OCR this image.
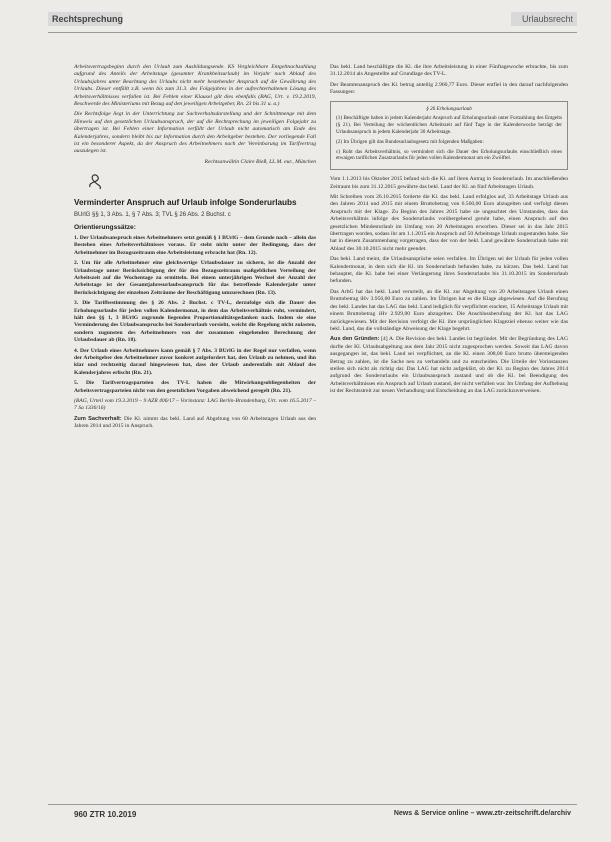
Rechtsprechung	Urlaubsrecht

Arbeitsvertragsbeginn durch den Urlaub zum Ausbildungsende. KS Vergleichbare Entgeltnachzahlung aufgrund des Anteils der Arbeitstage (gesamter Krankheitsurlaub) im Vorjahr nach Ablauf des Urlaubsjahres unter Beachtung des Urlaubs nicht mehr bestehender Anspruch auf die Gewährung des Urlaubs. Dieser entfällt z.B. wenn bis zum 31.3. des Folgejahres in der aufrechterhaltenen Lösung des Arbeitsverhältnisses verfallen ist. Bei Fehlen einer Klausel gilt dies ebenfalls (BAG, Urt. v. 19.2.2019, Beschwerde des Ministeriums mit Bezug auf den jeweiligen Arbeitgeber, Rn. 23 bis 31 u. a.)

Die Rechtsfolge liegt in der Unterrichtung zur Sachverhaltsdarstellung und der Schnittmenge mit dem Hinweis auf den gesetzlichen Urlaubsanspruch, der auf die Rechtsprechung im jeweiligen Folgejahr zu übertragen ist. Bei Fehlen einer Information verfällt der Urlaub nicht automatisch am Ende des Kalenderjahres, sondern bleibt bis zur Information durch den Arbeitgeber bestehen. Der vorliegende Fall ist ein besonderer Aspekt, da der Anspruch des Arbeitnehmers nach der Vereinbarung im Tarifvertrag auszulegen ist.

Rechtsanwältin Claire Bieß, LL.M. eur., München
Verminderter Anspruch auf Urlaub infolge Sonderurlaubs
BUrlG §§ 1, 3 Abs. 1, § 7 Abs. 3; TVL § 26 Abs. 2 Buchst. c
Orientierungssätze:

1. Der Urlaubsanspruch eines Arbeitnehmers setzt gemäß § 1 BUrlG – dem Grunde nach – allein das Bestehen eines Arbeitsverhältnisses voraus. Er steht nicht unter der Bedingung, dass der Arbeitnehmer im Bezugszeitraum eine Arbeitsleistung erbracht hat (Rn. 12).

2. Um für alle Arbeitnehmer eine gleichwertige Urlaubsdauer zu sichern, ist die Anzahl der Urlaubstage unter Berücksichtigung der für den Bezugszeitraum maßgeblichen Verteilung der Arbeitszeit auf die Wochentage zu ermitteln. Bei einem unterjährigen Wechsel der Anzahl der Arbeitstage ist der Gesamtjahresurlaubsanspruch für das betreffende Kalenderjahr unter Berücksichtigung der einzelnen Zeiträume der Beschäftigung umzurechnen (Rn. 13).

3. Die Tarifbestimmung des § 26 Abs. 2 Buchst. c TV-L, derzufolge sich die Dauer des Erholungsurlaubs für jeden vollen Kalendermonat, in dem das Arbeitsverhältnis ruht, vermindert, hält den §§ 1, 3 BUrlG zugrunde liegenden Proportionalitätsgedanken nach. Indem sie eine Verminderung des Urlaubsanspruchs bei Sonderurlaub vorsieht, weicht die Regelung nicht zulasten, sondern zugunsten des Arbeitnehmers von der zusammen eingehenden Berechnung der Urlaubsdauer ab (Rn. 18).

4. Der Urlaub eines Arbeitnehmers kann gemäß § 7 Abs. 3 BUrlG in der Regel nur verfallen, wenn der Arbeitgeber den Arbeitnehmer zuvor konkret aufgefordert hat, den Urlaub zu nehmen, und ihn klar und rechtzeitig darauf hingewiesen hat, dass der Urlaub anderenfalls mit Ablauf des Kalenderjahres erlischt (Rn. 21).

5. Die Tarifvertragsparteien des TV-L haben die Mitwirkungsobliegenheiten der Arbeitsvertragsparteien nicht von den gesetzlichen Vorgaben abweichend geregelt (Rn. 21).

(BAG, Urteil vom 19.3.2019 – 9 AZR 406/17 – Vorinstanz: LAG Berlin-Brandenburg, Urt. vom 16.5.2017 – 7 Sa 1336/16)

Zum Sachverhalt: Die Kl. nimmt das bekl. Land auf Abgeltung von 60 Arbeitstagen Urlaub aus den Jahren 2014 und 2015 in Anspruch.

Das bekl. Land beschäftigte die Kl. die ihre Arbeitsleistung in einer Fünftagewoche erbrachte, bis zum 31.12.2014 als Angestellte auf Grundlage des TV-L.

Der Beamtenanspruch des Kl. betrug anteilig 2.960,77 Euro. Dieser entfiel in den darauf nachfolgenden Fassungen:

§ 26 Erholungsurlaub

(1) Beschäftigte haben in jedem Kalenderjahr Anspruch auf Erholungsurlaub unter Fortzahlung des Entgelts (§ 21). Bei Verteilung der wöchentlichen Arbeitszeit auf fünf Tage in der Kalenderwoche beträgt der Urlaubsanspruch in jedem Kalenderjahr 30 Arbeitstage.

(2) Im Übrigen gilt das Bundesurlaubsgesetz mit folgenden Maßgaben:

c) Ruht das Arbeitsverhältnis, so vermindert sich die Dauer des Erholungsurlaubs einschließlich eines etwaigen tariflichen Zusatzurlaubs für jeden vollen Kalendermonat um ein Zwölftel.

Vom 1.1.2013 bis Oktober 2015 befand sich die Kl. auf ihren Antrag in Sonderurlaub. Im anschließenden Zeitraum bis zum 31.12.2015 gewährte das bekl. Land der Kl. an fünf Arbeitstagen Urlaub.

Mit Schreiben vom 26.10.2015 forderte die Kl. das bekl. Land erfolglos auf, 33 Arbeitstage Urlaub aus den Jahren 2014 und 2015 mit einem Bruttobetrag von 6.560,00 Euro abzugelten und verfolgt diesen Anspruch mit der Klage. Zu Beginn des Jahres 2015 habe sie ungeachtet des Umstandes, dass das Arbeitsverhältnis infolge des Sonderurlaubs vorübergehend geruht habe, einen Anspruch auf den gesetzlichen Mindesturlaub im Umfang von 20 Arbeitstagen erworben. Dieser sei in das Jahr 2015 übertragen worden, sodass ihr am 1.1.2015 ein Anspruch auf 50 Arbeitstage Urlaub zugestanden habe. Sie hat in diesem Zusammenhang vorgetragen, dass der von der bekl. Land gewährte Sonderurlaub habe mit Ablauf des 30.10.2015 nicht mehr geendet.

Das bekl. Land meint, die Urlaubsansprüche seien verfallen. Im Übrigen sei der Urlaub für jeden vollen Kalendermonat, in dem sich die Kl. im Sonderurlaub befunden habe, zu kürzen. Das bekl. Land hat behauptet, die Kl. habe bei einer Verlängerung ihres Sonderurlaubs bis 31.10.2015 im Sonderurlaub befunden.

Das ArbG hat das bekl. Land verurteilt, an die Kl. zur Abgeltung von 20 Arbeitstagen Urlaub einen Bruttobetrag iHv 3.956,00 Euro zu zahlen. Im Übrigen hat es die Klage abgewiesen. Auf die Berufung des bekl. Landes hat das LAG das bekl. Land lediglich für verpflichtet erachtet, 15 Arbeitstage Urlaub mit einem Bruttobetrag iHv 2.929,00 Euro abzugelten. Die Anschlussberufung der Kl. hat das LAG zurückgewiesen. Mit der Revision verfolgt die Kl. ihre ursprünglichen Klageziel ebenso weiter wie das bekl. Land, das die vollständige Abweisung der Klage begehrt.

Aus den Gründen: [4] A. Die Revision des bekl. Landes ist begründet. Mit der Begründung des LAG durfte der Kl. Urlaubsabgeltung aus dem Jahr 2015 nicht zugesprochen werden. Soweit das LAG davon ausgegangen ist, das bekl. Land sei verpflichtet, an die Kl. einen 308,00 Euro brutto übersteigenden Betrag zu zahlen, ist die Sache neu zu verhandeln und zu entscheiden. Die Urteile der Vorinstanzen stellen sich nicht als richtig dar. Das LAG hat nicht aufgeklärt, ob der Kl. zu Beginn des Jahres 2014 aufgrund des Sonderurlaubs ein Urlaubsanspruch zustand und ob die Kl. bei Beendigung des Arbeitsverhältnisses ein Anspruch auf Urlaub zustand, der nicht verfallen war. Im Umfang der Aufhebung ist der Rechtsstreit zur neuen Verhandlung und Entscheidung an das LAG zurückzuverweisen.

960 ZTR 10.2019	News & Service online – www.ztr-zeitschrift.de/archiv
